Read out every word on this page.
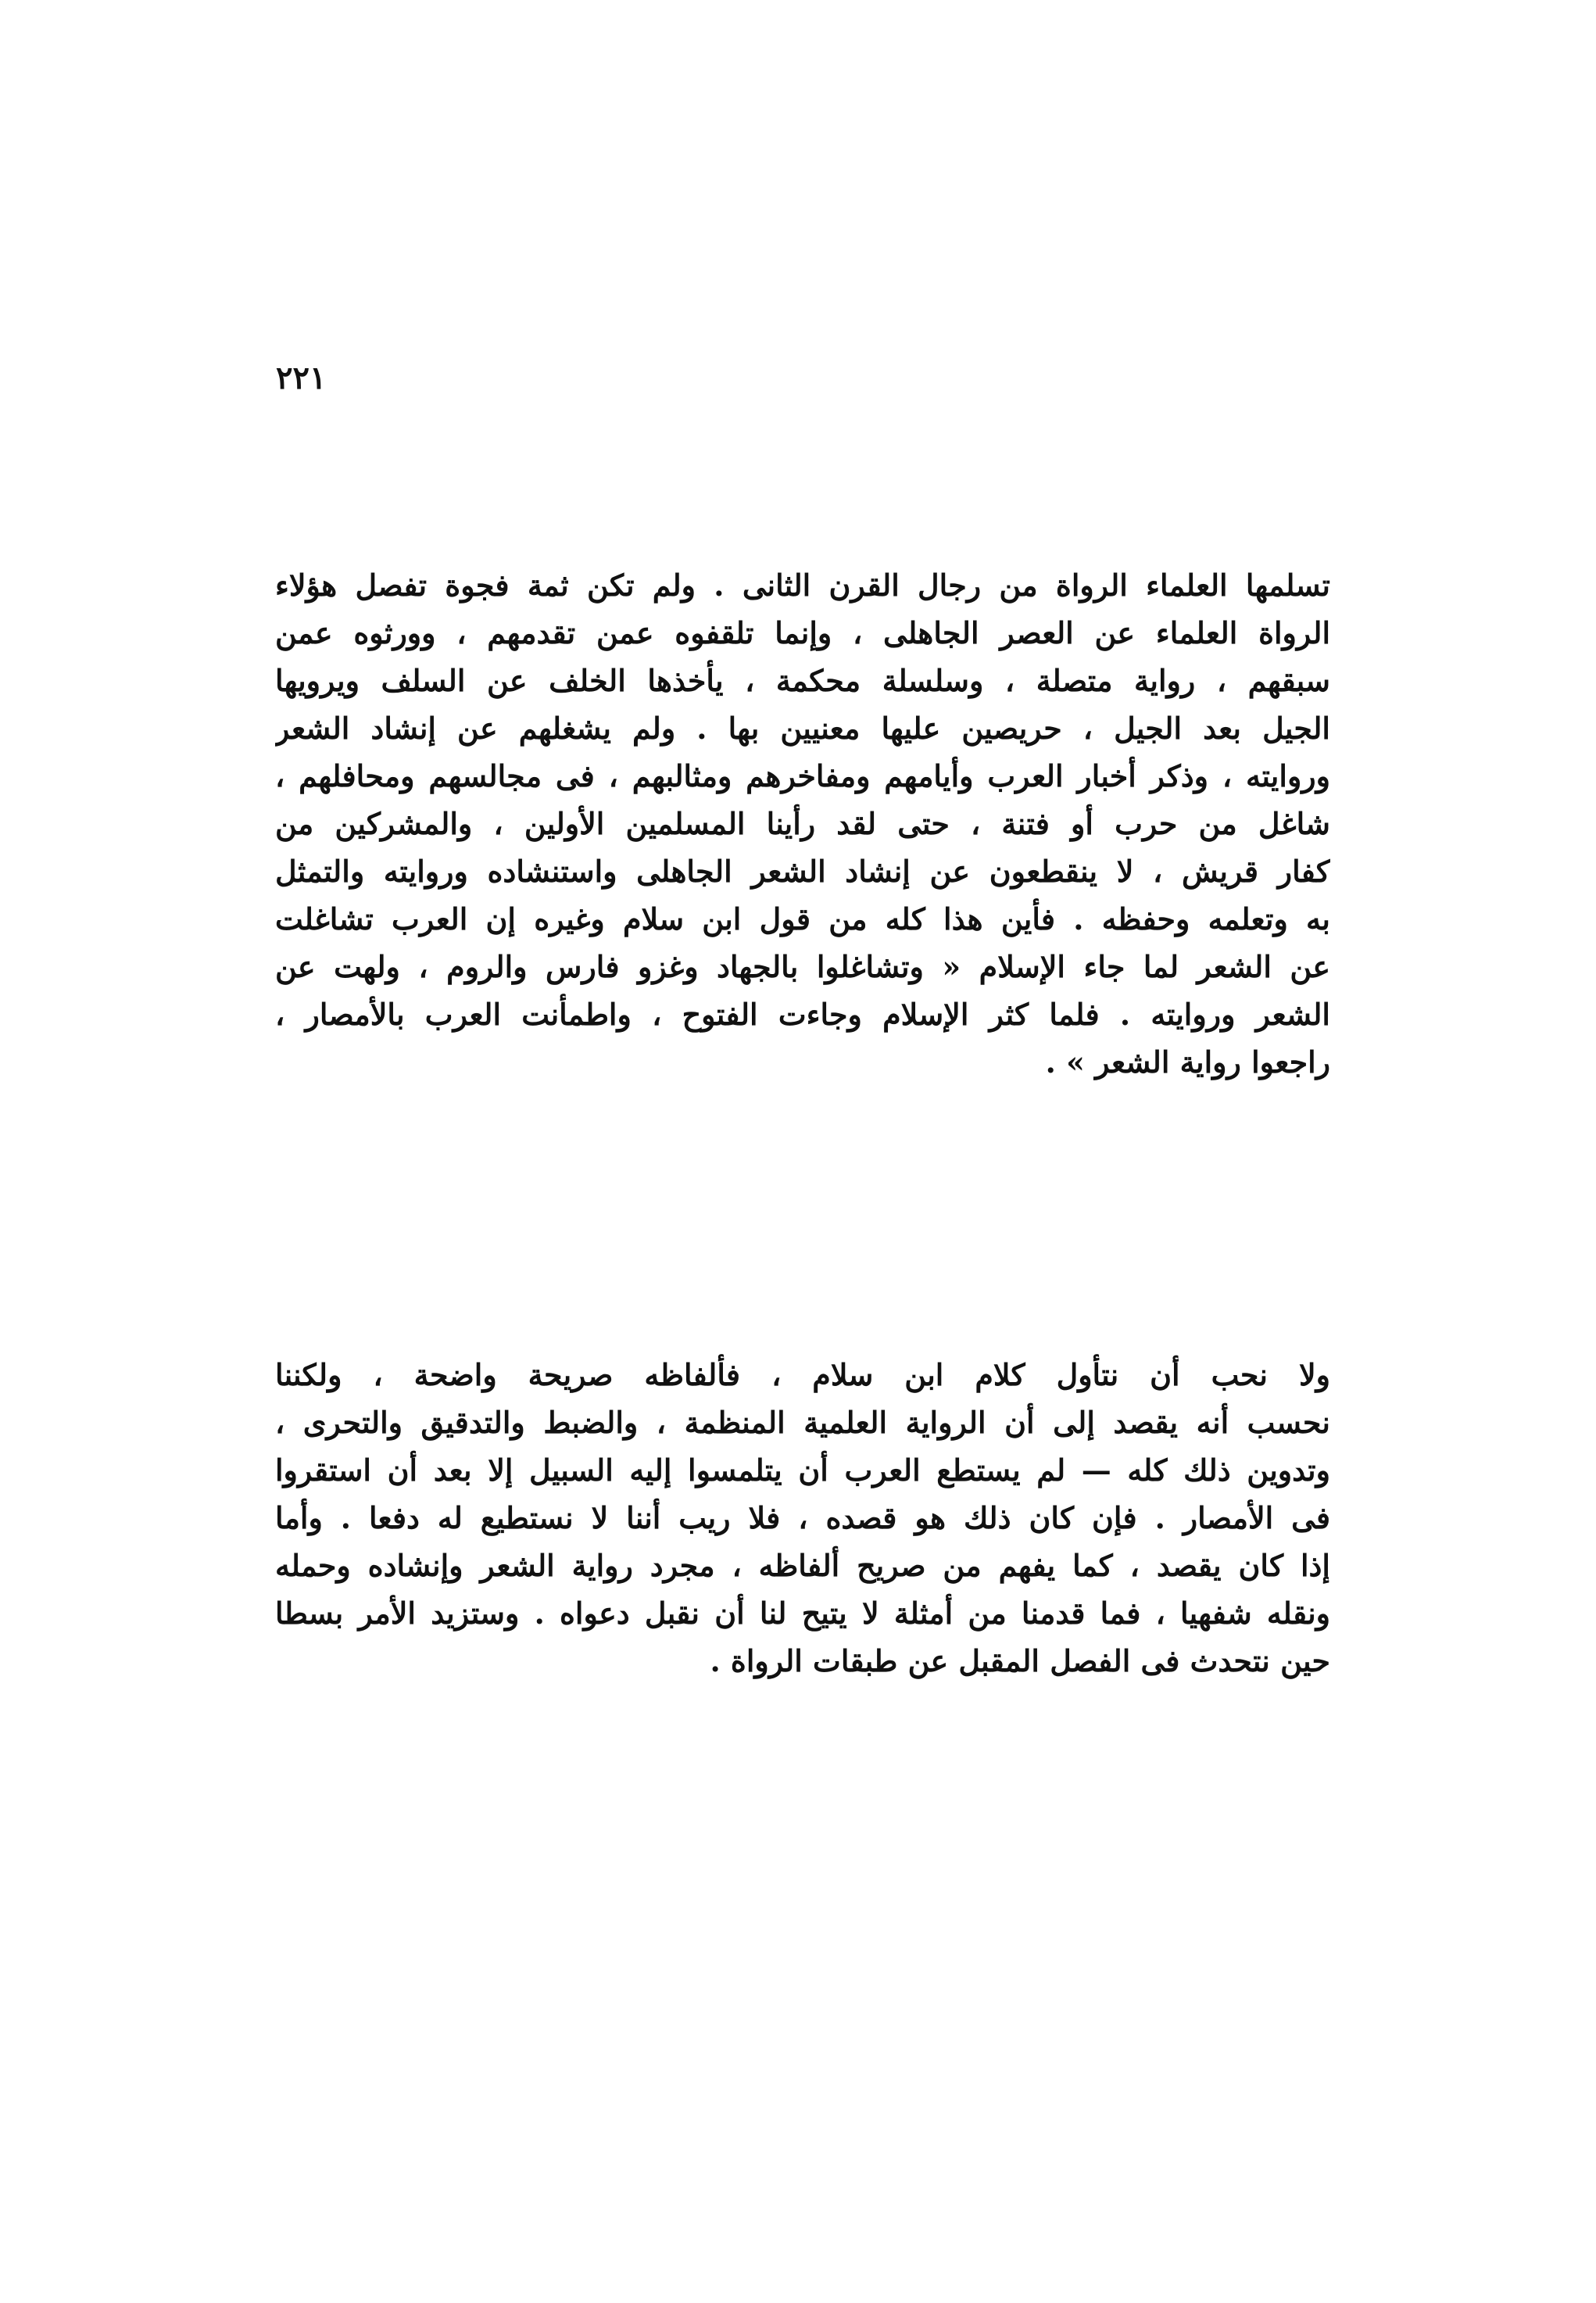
٢٢١
تسلمها العلماء الرواة من رجال القرن الثانى . ولم تكن ثمة فجوة تفصل هؤلاء
الرواة العلماء عن العصر الجاهلى ، وإنما تلقفوه عمن تقدمهم ، وورثوه عمن
سبقهم ، رواية متصلة ، وسلسلة محكمة ، يأخذها الخلف عن السلف ويرويها
الجيل بعد الجيل ، حريصين عليها معنيين بها . ولم يشغلهم عن إنشاد الشعر
وروايته ، وذكر أخبار العرب وأيامهم ومفاخرهم ومثالبهم ، فى مجالسهم ومحافلهم ،
شاغل من حرب أو فتنة ، حتى لقد رأينا المسلمين الأولين ، والمشركين من
كفار قريش ، لا ينقطعون عن إنشاد الشعر الجاهلى واستنشاده وروايته والتمثل
به وتعلمه وحفظه . فأين هذا كله من قول ابن سلام وغيره إن العرب تشاغلت
عن الشعر لما جاء الإسلام « وتشاغلوا بالجهاد وغزو فارس والروم ، ولهت عن
الشعر وروايته . فلما كثر الإسلام وجاءت الفتوح ، واطمأنت العرب بالأمصار ،
راجعوا رواية الشعر » .
ولا نحب أن نتأول كلام ابن سلام ، فألفاظه صريحة واضحة ، ولكننا
نحسب أنه يقصد إلى أن الرواية العلمية المنظمة ، والضبط والتدقيق والتحرى ،
وتدوين ذلك كله — لم يستطع العرب أن يتلمسوا إليه السبيل إلا بعد أن استقروا
فى الأمصار . فإن كان ذلك هو قصده ، فلا ريب أننا لا نستطيع له دفعا . وأما
إذا كان يقصد ، كما يفهم من صريح ألفاظه ، مجرد رواية الشعر وإنشاده وحمله
ونقله شفهيا ، فما قدمنا من أمثلة لا يتيح لنا أن نقبل دعواه . وستزيد الأمر بسطا
حين نتحدث فى الفصل المقبل عن طبقات الرواة .
